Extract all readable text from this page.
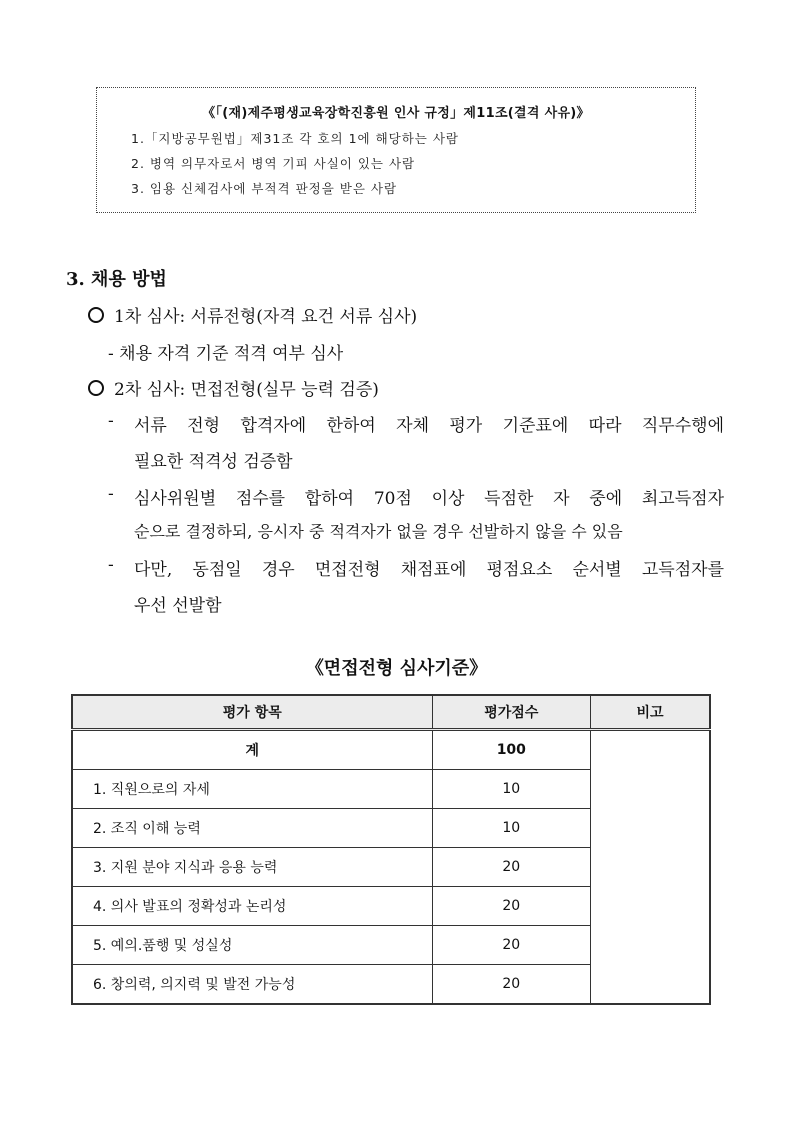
《「(재)제주평생교육장학진흥원 인사 규정」제11조(결격 사유)》
1.「지방공무원법」제31조 각 호의 1에 해당하는 사람
2. 병역 의무자로서 병역 기피 사실이 있는 사람
3. 임용 신체검사에 부적격 판정을 받은 사람
3. 채용 방법
1차 심사: 서류전형(자격 요건 서류 심사)
- 채용 자격 기준 적격 여부 심사
2차 심사: 면접전형(실무 능력 검증)
- 서류 전형 합격자에 한하여 자체 평가 기준표에 따라 직무수행에
필요한 적격성 검증함
- 심사위원별 점수를 합하여 70점 이상 득점한 자 중에 최고득점자
순으로 결정하되, 응시자 중 적격자가 없을 경우 선발하지 않을 수 있음
- 다만, 동점일 경우 면접전형 채점표에 평점요소 순서별 고득점자를
우선 선발함
《면접전형 심사기준》
평가 항목	평가점수	비고
계	100	
1. 직원으로의 자세	10	
2. 조직 이해 능력	10	
3. 지원 분야 지식과 응용 능력	20	
4. 의사 발표의 정확성과 논리성	20	
5. 예의.품행 및 성실성	20	
6. 창의력, 의지력 및 발전 가능성	20	
